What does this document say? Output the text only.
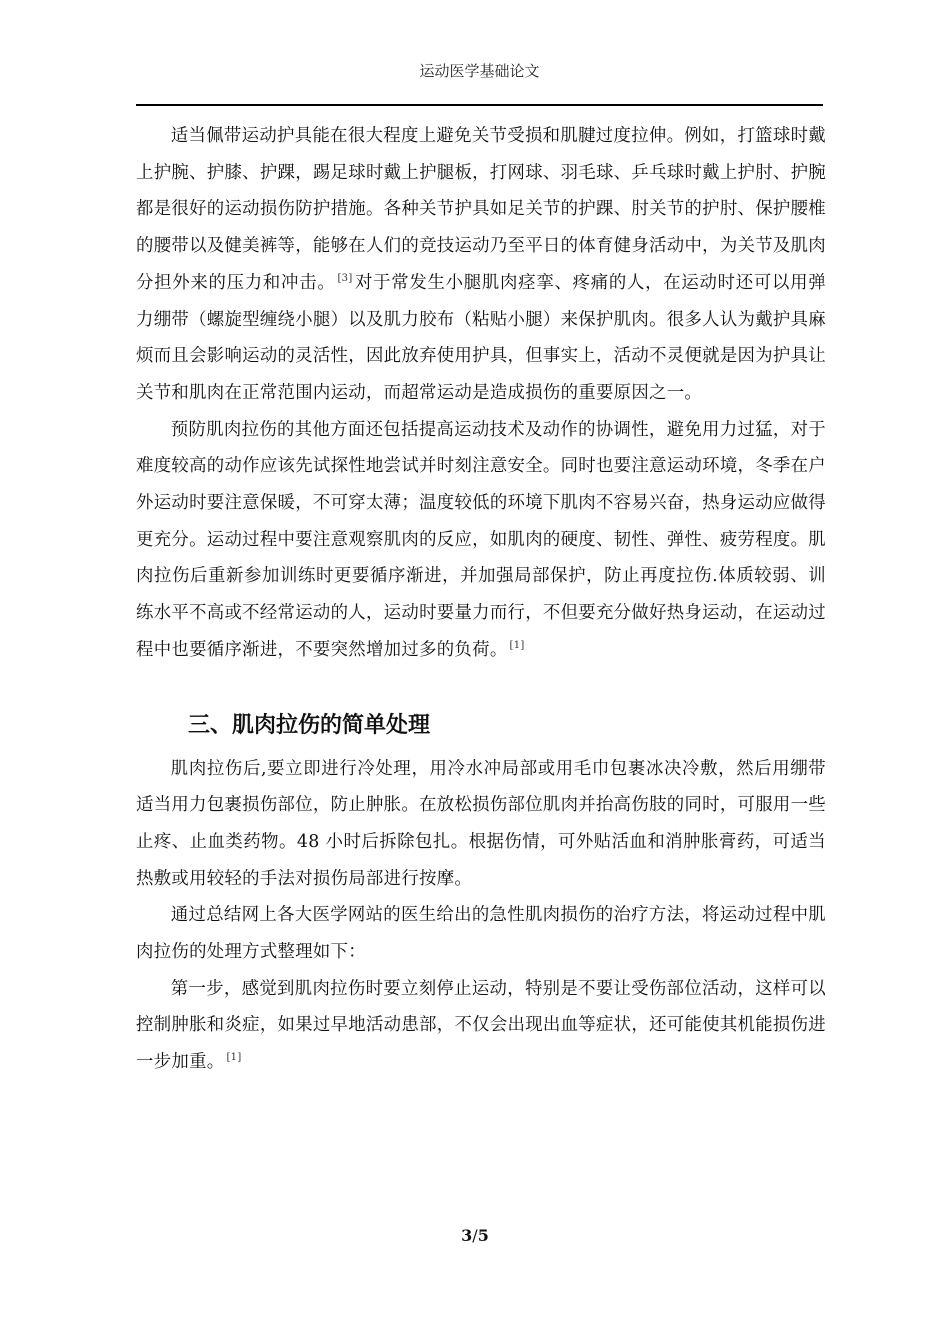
运动医学基础论文

适当佩带运动护具能在很大程度上避免关节受损和肌腱过度拉伸。例如，打篮球时戴上护腕、护膝、护踝，踢足球时戴上护腿板，打网球、羽毛球、乒乓球时戴上护肘、护腕都是很好的运动损伤防护措施。各种关节护具如足关节的护踝、肘关节的护肘、保护腰椎的腰带以及健美裤等，能够在人们的竞技运动乃至平日的体育健身活动中，为关节及肌肉分担外来的压力和冲击。 [3] 对于常发生小腿肌肉痉挛、疼痛的人，在运动时还可以用弹力绷带（螺旋型缠绕小腿）以及肌力胶布（粘贴小腿）来保护肌肉。很多人认为戴护具麻烦而且会影响运动的灵活性，因此放弃使用护具，但事实上，活动不灵便就是因为护具让关节和肌肉在正常范围内运动，而超常运动是造成损伤的重要原因之一。

预防肌肉拉伤的其他方面还包括提高运动技术及动作的协调性，避免用力过猛，对于难度较高的动作应该先试探性地尝试并时刻注意安全。同时也要注意运动环境，冬季在户外运动时要注意保暖，不可穿太薄；温度较低的环境下肌肉不容易兴奋，热身运动应做得更充分。运动过程中要注意观察肌肉的反应，如肌肉的硬度、韧性、弹性、疲劳程度。肌肉拉伤后重新参加训练时更要循序渐进，并加强局部保护，防止再度拉伤.体质较弱、训练水平不高或不经常运动的人，运动时要量力而行，不但要充分做好热身运动，在运动过程中也要循序渐进，不要突然增加过多的负荷。 [1]

三、肌肉拉伤的简单处理

肌肉拉伤后,要立即进行冷处理，用冷水冲局部或用毛巾包裹冰决冷敷，然后用绷带适当用力包裹损伤部位，防止肿胀。在放松损伤部位肌肉并抬高伤肢的同时，可服用一些止疼、止血类药物。48 小时后拆除包扎。根据伤情，可外贴活血和消肿胀膏药，可适当热敷或用较轻的手法对损伤局部进行按摩。

通过总结网上各大医学网站的医生给出的急性肌肉损伤的治疗方法，将运动过程中肌肉拉伤的处理方式整理如下：

第一步，感觉到肌肉拉伤时要立刻停止运动，特别是不要让受伤部位活动，这样可以控制肿胀和炎症，如果过早地活动患部，不仅会出现出血等症状，还可能使其机能损伤进一步加重。 [1]

3/5
